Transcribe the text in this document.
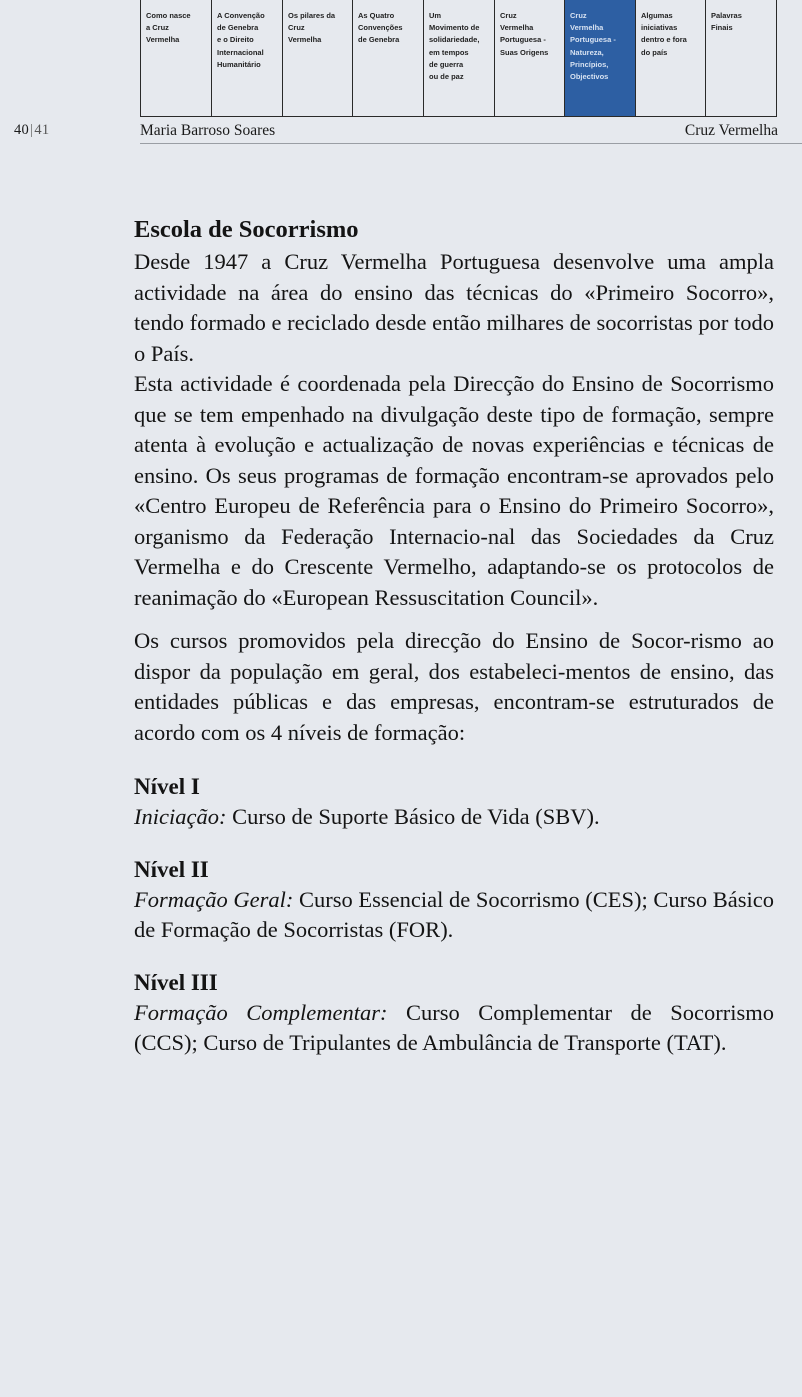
Como nasce
a Cruz
Vermelha
A Convenção
de Genebra
e o Direito
Internacional
Humanitário
Os pilares da
Cruz
Vermelha
As Quatro
Convenções
de Genebra
Um
Movimento de
solidariedade,
em tempos
de guerra
ou de paz
Cruz
Vermelha
Portuguesa -
Suas Origens
Cruz
Vermelha
Portuguesa -
Natureza,
Princípios,
Objectivos
Algumas
iniciativas
dentro e fora
do país
Palavras
Finais
40|41	Maria Barroso Soares	Cruz Vermelha
Escola de Socorrismo

Desde 1947 a Cruz Vermelha Portuguesa desenvolve uma ampla actividade na área do ensino das técnicas do «Primeiro Socorro», tendo formado e reciclado desde então milhares de socorristas por todo o País.

Esta actividade é coordenada pela Direcção do Ensino de Socorrismo que se tem empenhado na divulgação deste tipo de formação, sempre atenta à evolução e actualização de novas experiências e técnicas de ensino. Os seus programas de formação encontram-se aprovados pelo «Centro Europeu de Referência para o Ensino do Primeiro Socorro», organismo da Federação Internacio-nal das Sociedades da Cruz Vermelha e do Crescente Vermelho, adaptando-se os protocolos de reanimação do «European Ressuscitation Council».

Os cursos promovidos pela direcção do Ensino de Socor-rismo ao dispor da população em geral, dos estabeleci-mentos de ensino, das entidades públicas e das empresas, encontram-se estruturados de acordo com os 4 níveis de formação:

Nível I

Iniciação: Curso de Suporte Básico de Vida (SBV).

Nível II

Formação Geral: Curso Essencial de Socorrismo (CES); Curso Básico de Formação de Socorristas (FOR).

Nível III

Formação Complementar: Curso Complementar de Socorrismo (CCS); Curso de Tripulantes de Ambulância de Transporte (TAT).
